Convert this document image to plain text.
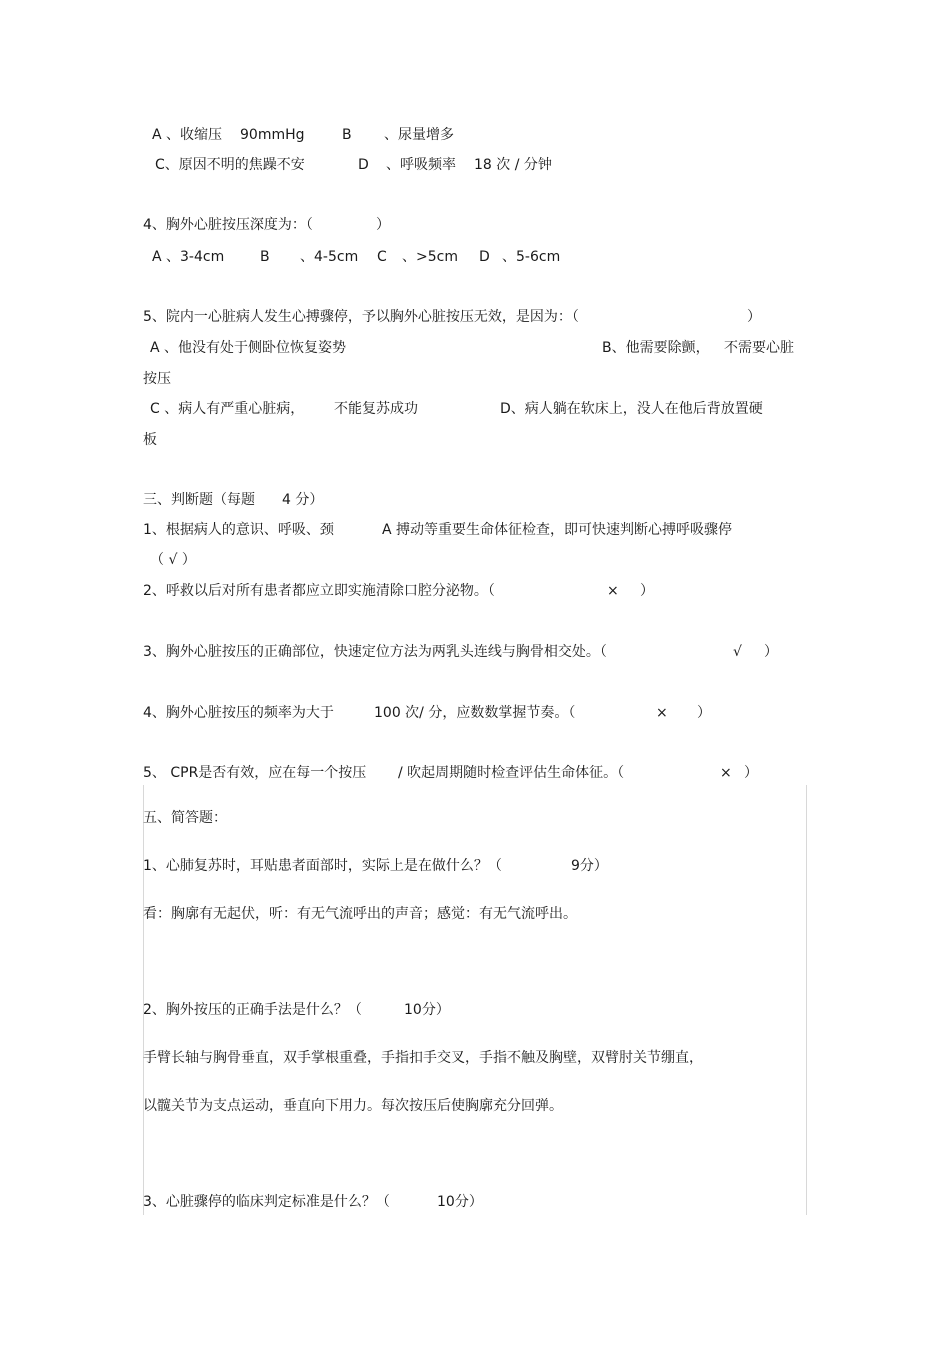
A 、收缩压 90mmHg	B 、尿量增多
C、原因不明的焦躁不安	D 、呼吸频率 18 次 / 分钟
4、胸外心脏按压深度为：（	）
A 、3-4cm	B 、4-5cm C 、>5cm D 、5-6cm
5、院内一心脏病人发生心搏骤停，予以胸外心脏按压无效，是因为：（	）
A 、他没有处于侧卧位恢复姿势	B、他需要除颤， 不需要心脏
按压
C 、病人有严重心脏病， 不能复苏成功	D、病人躺在软床上，没人在他后背放置硬
板
三、判断题（每题 4 分）
1、根据病人的意识、呼吸、颈	A 搏动等重要生命体征检查，即可快速判断心搏呼吸骤停
（ √ ）
2、呼救以后对所有患者都应立即实施清除口腔分泌物。（	× ）
3、胸外心脏按压的正确部位，快速定位方法为两乳头连线与胸骨相交处。（	√ ）
4、胸外心脏按压的频率为大于	100 次/ 分，应数数掌握节奏。（	× ）
5、 CPR是否有效，应在每一个按压 / 吹起周期随时检查评估生命体征。（	× ）
五、简答题：
1、心肺复苏时，耳贴患者面部时，实际上是在做什么？（	9分）
看：胸廓有无起伏，听：有无气流呼出的声音；感觉：有无气流呼出。
2、胸外按压的正确手法是什么？（	10分）
手臂长轴与胸骨垂直，双手掌根重叠，手指扣手交叉，手指不触及胸壁，双臂肘关节绷直，
以髋关节为支点运动，垂直向下用力。每次按压后使胸廓充分回弹。
3、心脏骤停的临床判定标准是什么？（	10分）
